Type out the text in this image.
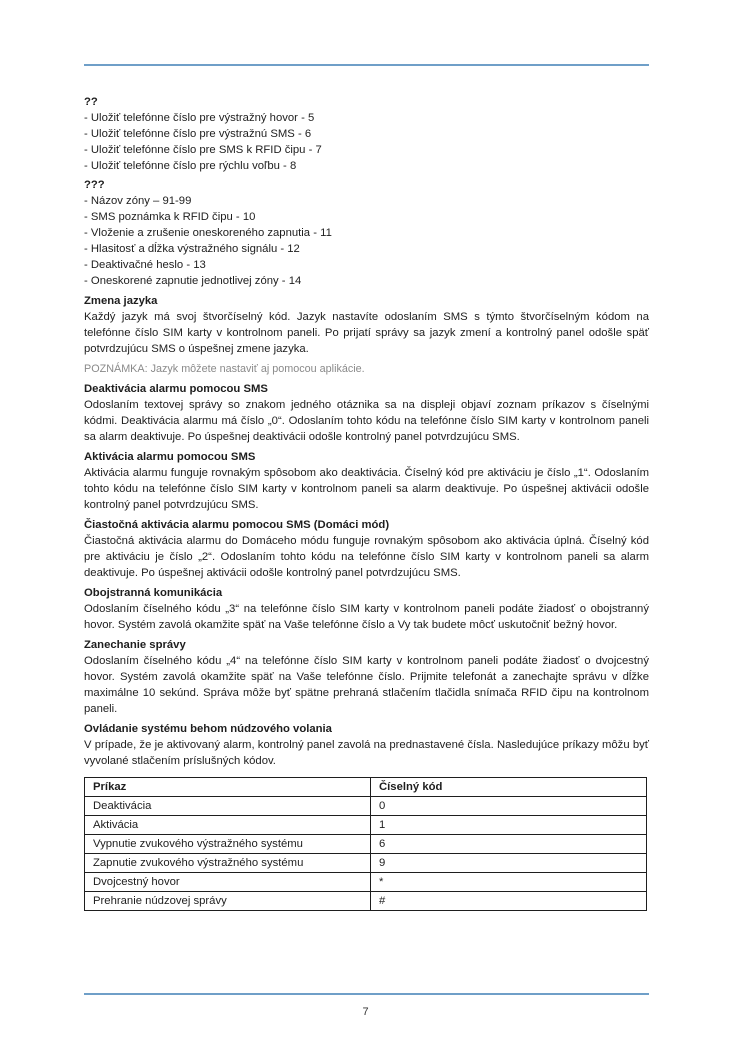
??
- Uložiť telefónne číslo pre výstražný hovor - 5
- Uložiť telefónne číslo pre výstražnú SMS - 6
- Uložiť telefónne číslo pre SMS k RFID čipu - 7
- Uložiť telefónne číslo pre rýchlu voľbu - 8
???
- Názov zóny – 91-99
- SMS poznámka k RFID čipu - 10
- Vloženie a zrušenie oneskoreného zapnutia - 11
- Hlasitosť a dĺžka výstražného signálu - 12
- Deaktivačné heslo - 13
- Oneskorené zapnutie jednotlivej zóny - 14
Zmena jazyka
Každý jazyk má svoj štvorčíselný kód. Jazyk nastavíte odoslaním SMS s týmto štvorčíselným kódom na telefónne číslo SIM karty v kontrolnom paneli. Po prijatí správy sa jazyk zmení a kontrolný panel odošle späť potvrdzujúcu SMS o úspešnej zmene jazyka.
POZNÁMKA: Jazyk môžete nastaviť aj pomocou aplikácie.
Deaktivácia alarmu pomocou SMS
Odoslaním textovej správy so znakom jedného otáznika sa na displeji objaví zoznam príkazov s číselnými kódmi. Deaktivácia alarmu má číslo „0“. Odoslaním tohto kódu na telefónne číslo SIM karty v kontrolnom paneli sa alarm deaktivuje. Po úspešnej deaktivácii odošle kontrolný panel potvrdzujúcu SMS.
Aktivácia alarmu pomocou SMS
Aktivácia alarmu funguje rovnakým spôsobom ako deaktivácia. Číselný kód pre aktiváciu je číslo „1“. Odoslaním tohto kódu na telefónne číslo SIM karty v kontrolnom paneli sa alarm deaktivuje. Po úspešnej aktivácii odošle kontrolný panel potvrdzujúcu SMS.
Čiastočná aktivácia alarmu pomocou SMS (Domáci mód)
Čiastočná aktivácia alarmu do Domáceho módu funguje rovnakým spôsobom ako aktivácia úplná. Číselný kód pre aktiváciu je číslo „2“. Odoslaním tohto kódu na telefónne číslo SIM karty v kontrolnom paneli sa alarm deaktivuje. Po úspešnej aktivácii odošle kontrolný panel potvrdzujúcu SMS.
Obojstranná komunikácia
Odoslaním číselného kódu „3“ na telefónne číslo SIM karty v kontrolnom paneli podáte žiadosť o obojstranný hovor. Systém zavolá okamžite späť na Vaše telefónne číslo a Vy tak budete môcť uskutočniť bežný hovor.
Zanechanie správy
Odoslaním číselného kódu „4“ na telefónne číslo SIM karty v kontrolnom paneli podáte žiadosť o dvojcestný hovor. Systém zavolá okamžite späť na Vaše telefónne číslo. Prijmite telefonát a zanechajte správu v dĺžke maximálne 10 sekúnd. Správa môže byť spätne prehraná stlačením tlačidla snímača RFID čipu na kontrolnom paneli.
Ovládanie systému behom núdzového volania
V prípade, že je aktivovaný alarm, kontrolný panel zavolá na prednastavené čísla. Nasledujúce príkazy môžu byť vyvolané stlačením príslušných kódov.
Príkaz	Číselný kód
Deaktivácia	0
Aktivácia	1
Vypnutie zvukového výstražného systému	6
Zapnutie zvukového výstražného systému	9
Dvojcestný hovor	*
Prehranie núdzovej správy	#
7
